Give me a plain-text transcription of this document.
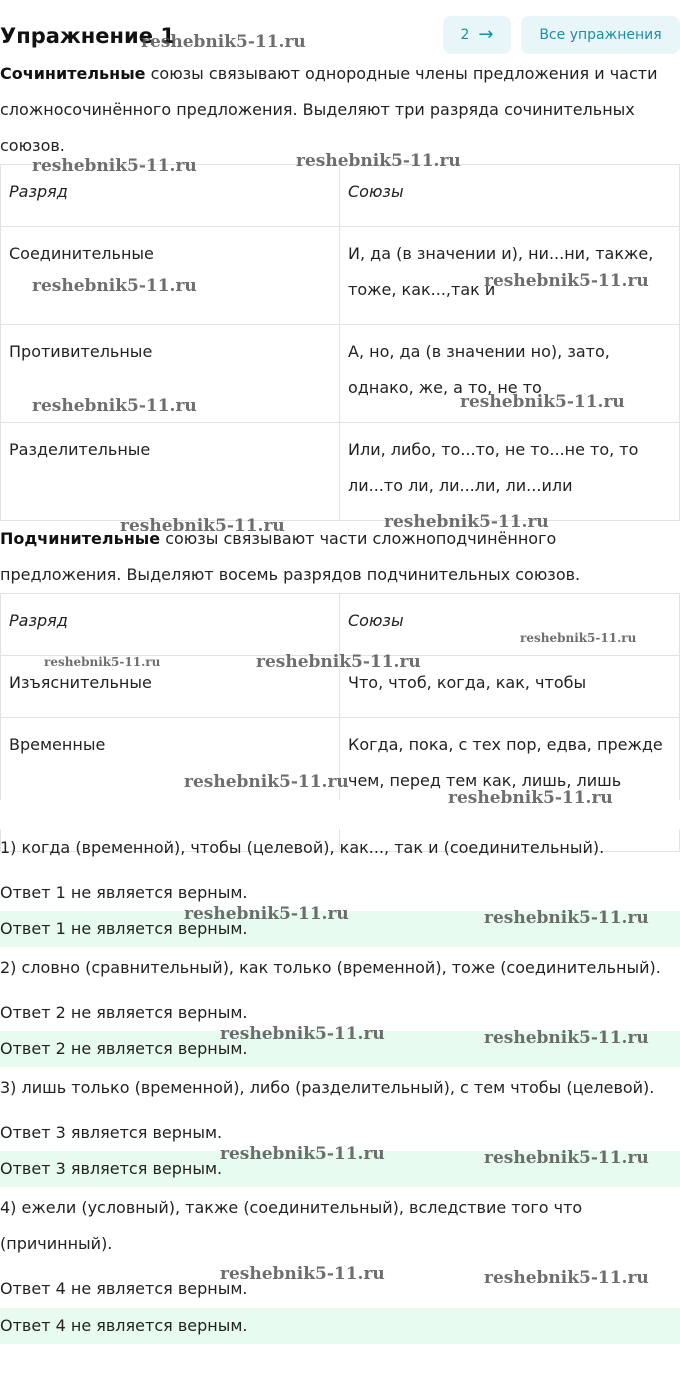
Упражнение 1	2 →	Все упражнения
Сочинительные союзы связывают однородные члены предложения и части сложносочинённого предложения. Выделяют три разряда сочинительных союзов.
Разряд	Союзы
Соединительные	И, да (в значении и), ни...ни, также, тоже, как...,так и
Противительные	А, но, да (в значении но), зато, однако, же, а то, не то
Разделительные	Или, либо, то...то, не то...не то, то ли...то ли, ли...ли, ли...или
Подчинительные союзы связывают части сложноподчинённого предложения. Выделяют восемь разрядов подчинительных союзов.
Разряд	Союзы
Изъяснительные	Что, чтоб, когда, как, чтобы
Временные	Когда, пока, с тех пор, едва, прежде чем, перед тем как, лишь, лишь
1) когда (временной), чтобы (целевой), как..., так и (соединительный).
Ответ 1 не является верным.
Ответ 1 не является верным.
2) словно (сравнительный), как только (временной), тоже (соединительный).
Ответ 2 не является верным.
Ответ 2 не является верным.
3) лишь только (временной), либо (разделительный), с тем чтобы (целевой).
Ответ 3 является верным.
Ответ 3 является верным.
4) ежели (условный), также (соединительный), вследствие того что (причинный).
Ответ 4 не является верным.
Ответ 4 не является верным.
reshebnik5-11.ru
reshebnik5-11.ru	reshebnik5-11.ru
reshebnik5-11.ru	reshebnik5-11.ru
reshebnik5-11.ru	reshebnik5-11.ru
reshebnik5-11.ru	reshebnik5-11.ru
reshebnik5-11.ru
reshebnik5-11.ru	reshebnik5-11.ru
reshebnik5-11.ru
reshebnik5-11.ru
reshebnik5-11.ru	reshebnik5-11.ru
reshebnik5-11.ru	reshebnik5-11.ru
reshebnik5-11.ru	reshebnik5-11.ru
reshebnik5-11.ru	reshebnik5-11.ru
